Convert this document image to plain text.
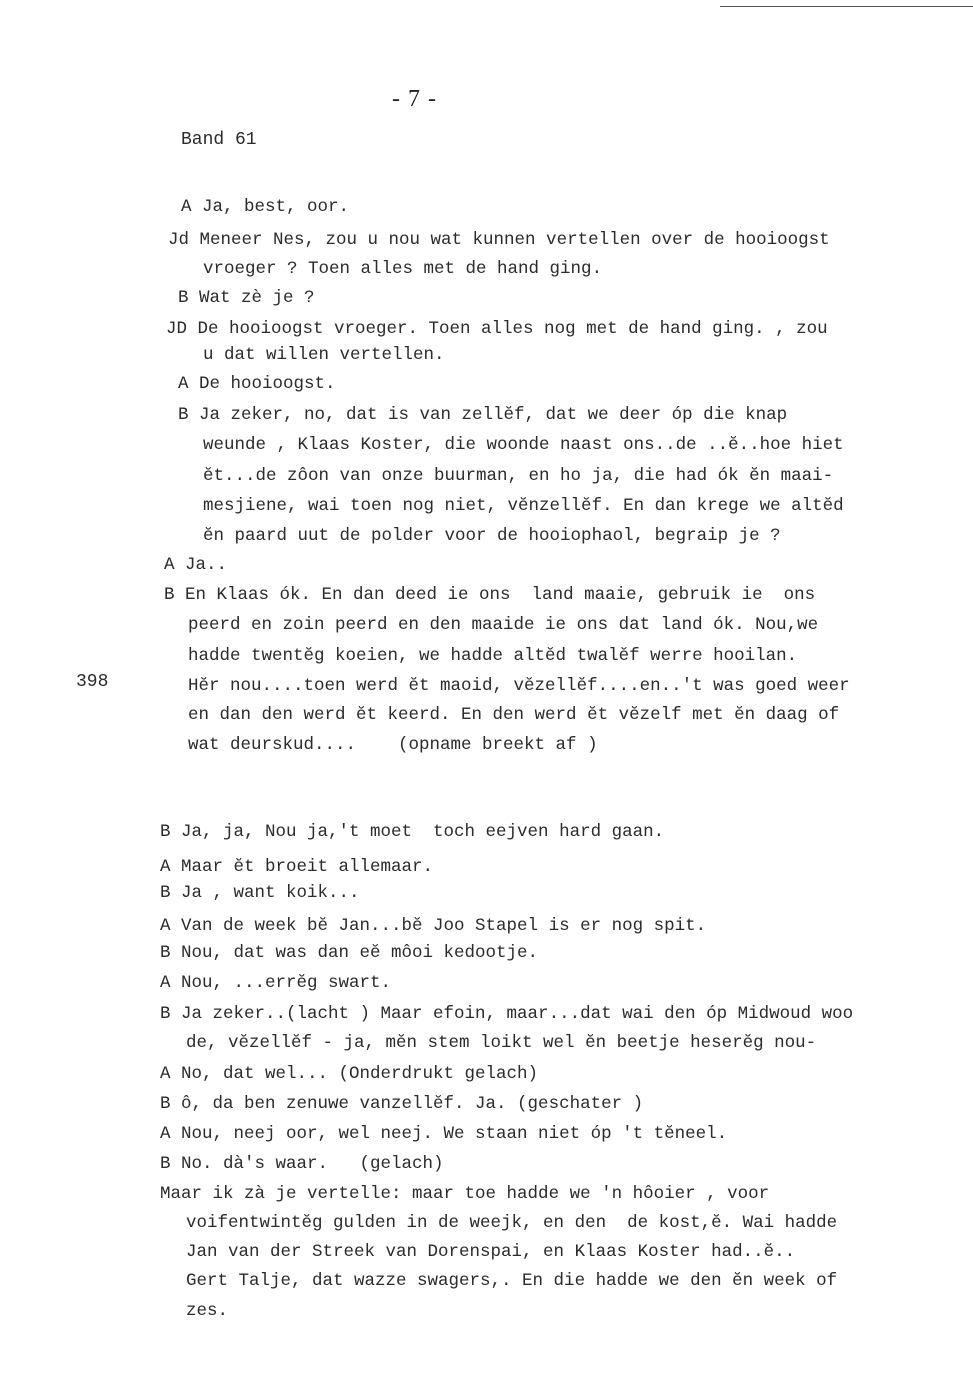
-7-
Band 61
398
A Ja, best, oor.
Jd Meneer Nes, zou u nou wat kunnen vertellen over de hooioogst
vroeger ? Toen alles met de hand ging.
B Wat zè je ?
JD De hooioogst vroeger. Toen alles nog met de hand ging. , zou
u dat willen vertellen.
A De hooioogst.
B Ja zeker, no, dat is van zellĕf, dat we deer óp die knap
weunde , Klaas Koster, die woonde naast ons..de ..ĕ..hoe hiet
ĕt...de zôon van onze buurman, en ho ja, die had ók ĕn maai-
mesjiene, wai toen nog niet, vĕnzellĕf. En dan krege we altĕd
ĕn paard uut de polder voor de hooiophaol, begraip je ?
A Ja..
B En Klaas ók. En dan deed ie ons  land maaie, gebruik ie  ons
peerd en zoin peerd en den maaide ie ons dat land ók. Nou,we
hadde twentĕg koeien, we hadde altĕd twalĕf werre hooilan.
Hĕr nou....toen werd ĕt maoid, vĕzellĕf....en..'t was goed weer
en dan den werd ĕt keerd. En den werd ĕt vĕzelf met ĕn daag of
wat deurskud....    (opname breekt af )
B Ja, ja, Nou ja,'t moet  toch eejven hard gaan.
A Maar ĕt broeit allemaar.
B Ja , want koik...
A Van de week bĕ Jan...bĕ Joo Stapel is er nog spit.
B Nou, dat was dan eĕ môoi kedootje.
A Nou, ...errĕg swart.
B Ja zeker..(lacht ) Maar efoin, maar...dat wai den óp Midwoud woo
de, vĕzellĕf - ja, mĕn stem loikt wel ĕn beetje heserĕg nou-
A No, dat wel... (Onderdrukt gelach)
B ô, da ben zenuwe vanzellĕf. Ja. (geschater )
A Nou, neej oor, wel neej. We staan niet óp 't tĕneel.
B No. dà's waar.   (gelach)
Maar ik zà je vertelle: maar toe hadde we 'n hôoier , voor
voifentwintĕg gulden in de weejk, en den  de kost,ĕ. Wai hadde
Jan van der Streek van Dorenspai, en Klaas Koster had..ĕ..
Gert Talje, dat wazze swagers,. En die hadde we den ĕn week of
zes.
